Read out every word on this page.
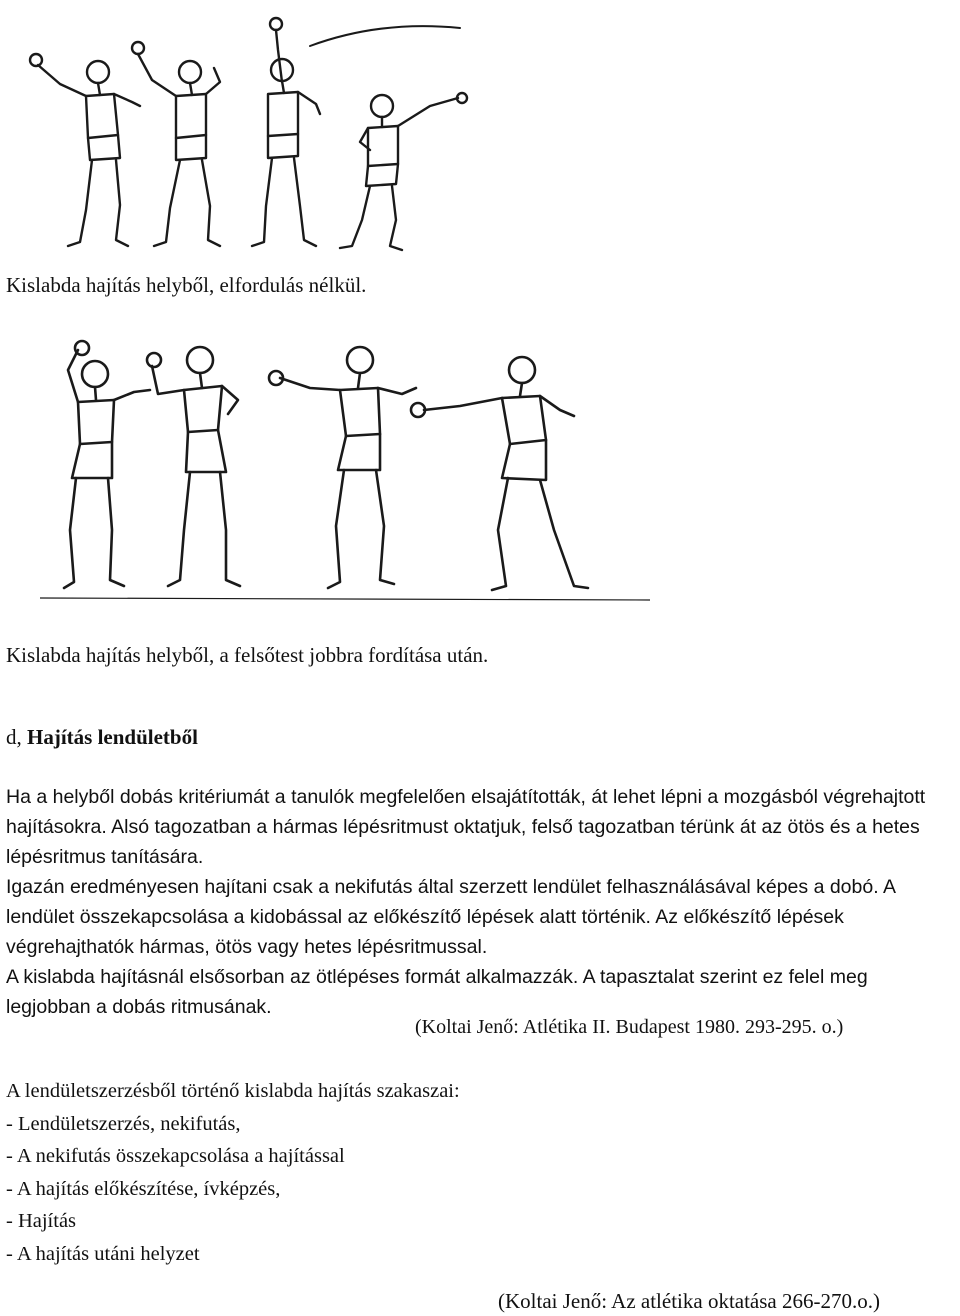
Kislabda hajítás helyből, elfordulás nélkül.
Kislabda hajítás helyből, a felsőtest jobbra fordítása után.
d, Hajítás lendületből

Ha a helyből dobás kritériumát a tanulók megfelelően elsajátították, át lehet lépni a mozgásból végrehajtott hajításokra. Alsó tagozatban a hármas lépésritmust oktatjuk, felső tagozatban térünk át az ötös és a hetes lépésritmus tanítására.

Igazán eredményesen hajítani csak a nekifutás által szerzett lendület felhasználásával képes a dobó. A lendület összekapcsolása a kidobással az előkészítő lépések alatt történik. Az előkészítő lépések végrehajthatók hármas, ötös vagy hetes lépésritmussal.

A kislabda hajításnál elsősorban az ötlépéses formát alkalmazzák. A tapasztalat szerint ez felel meg legjobban a dobás ritmusának.

(Koltai Jenő: Atlétika II. Budapest 1980. 293-295. o.)
A lendületszerzésből történő kislabda hajítás szakaszai:
- Lendületszerzés, nekifutás,
- A nekifutás összekapcsolása a hajítással
- A hajítás előkészítése, ívképzés,
- Hajítás
- A hajítás utáni helyzet
(Koltai Jenő: Az atlétika oktatása 266-270.o.)
